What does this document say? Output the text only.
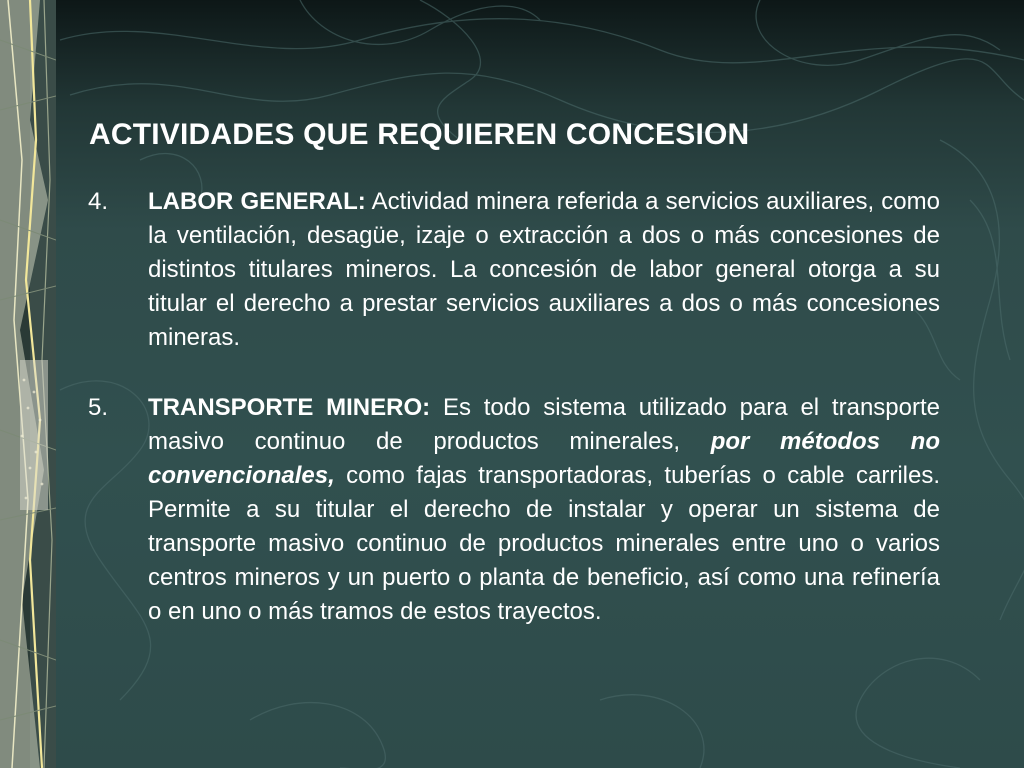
ACTIVIDADES QUE REQUIEREN CONCESION
4. LABOR GENERAL: Actividad minera referida a servicios auxiliares, como la ventilación, desagüe, izaje o extracción a dos o más concesiones de distintos titulares mineros. La concesión de labor general otorga a su titular el derecho a prestar servicios auxiliares a dos o más concesiones mineras.
5. TRANSPORTE MINERO: Es todo sistema utilizado para el transporte masivo continuo de productos minerales, por métodos no convencionales, como fajas transportadoras, tuberías o cable carriles. Permite a su titular el derecho de instalar y operar un sistema de transporte masivo continuo de productos minerales entre uno o varios centros mineros y un puerto o planta de beneficio, así como una refinería o en uno o más tramos de estos trayectos.
